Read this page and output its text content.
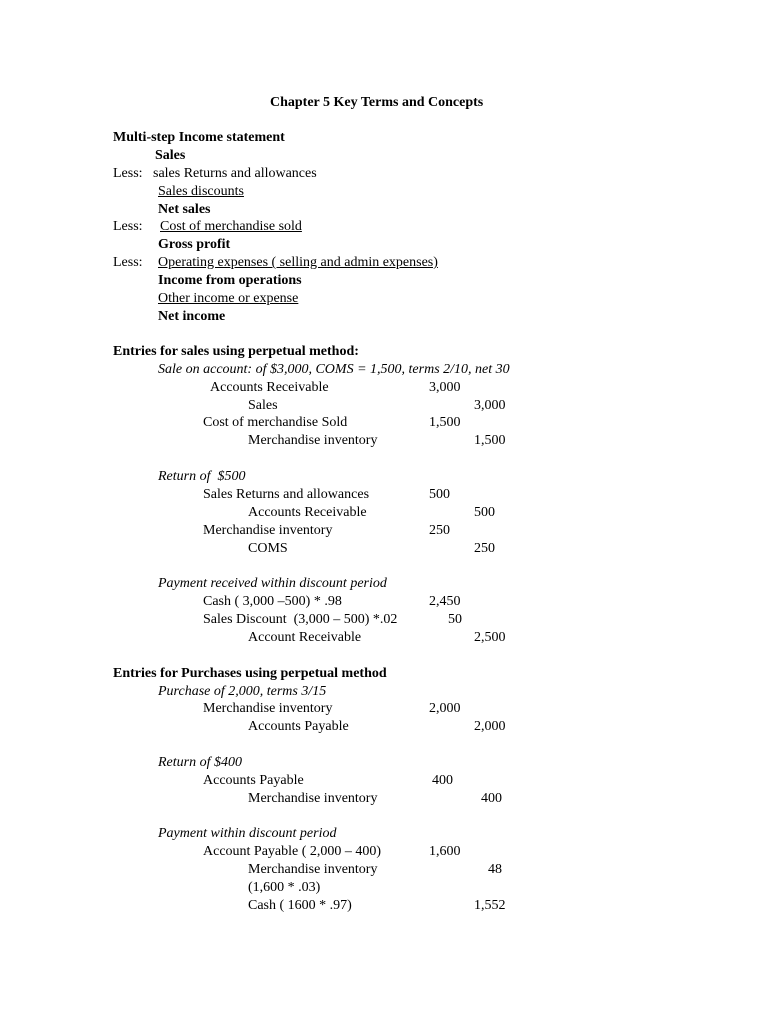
Chapter 5 Key Terms and Concepts
Multi-step Income statement
Sales
Less: sales Returns and allowances
Sales discounts
Net sales
Less: Cost of merchandise sold
Gross profit
Less: Operating expenses ( selling and admin expenses)
Income from operations
Other income or expense
Net income
Entries for sales using perpetual method:
Sale on account: of $3,000, COMS = 1,500, terms 2/10, net 30
Accounts Receivable	3,000
Sales	3,000
Cost of merchandise Sold	1,500
Merchandise inventory	1,500
Return of  $500
Sales Returns and allowances	500
Accounts Receivable	500
Merchandise inventory	250
COMS	250
Payment received within discount period
Cash ( 3,000 –500) * .98	2,450
Sales Discount  (3,000 – 500) *.02	50
Account Receivable	2,500
Entries for Purchases using perpetual method
Purchase of 2,000, terms 3/15
Merchandise inventory	2,000
Accounts Payable	2,000
Return of $400
Accounts Payable	400
Merchandise inventory	400
Payment within discount period
Account Payable ( 2,000 – 400)	1,600
Merchandise inventory	48
(1,600 * .03)
Cash ( 1600 * .97)	1,552
